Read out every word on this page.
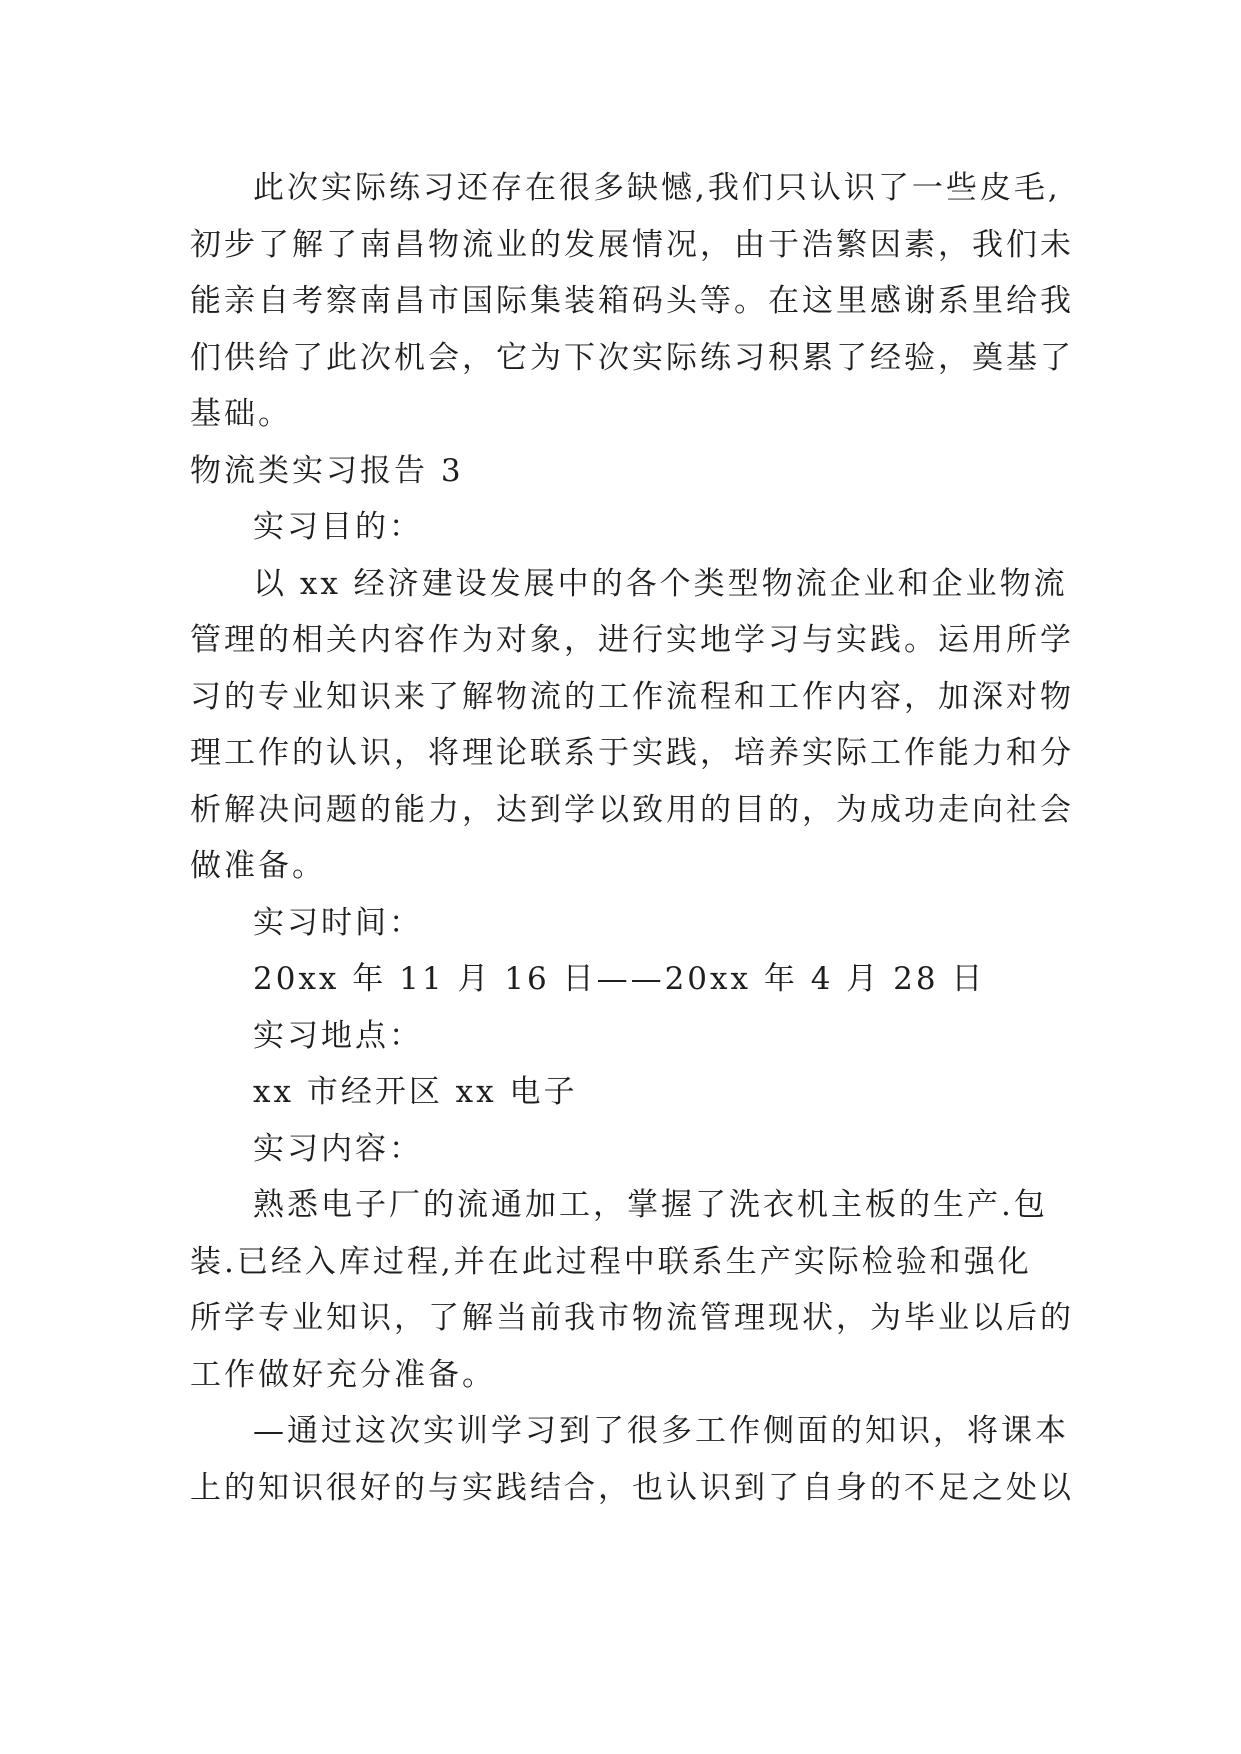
此次实际练习还存在很多缺憾,我们只认识了一些皮毛,
初步了解了南昌物流业的发展情况，由于浩繁因素，我们未
能亲自考察南昌市国际集装箱码头等。在这里感谢系里给我
们供给了此次机会，它为下次实际练习积累了经验，奠基了
基础。
物流类实习报告 3
实习目的：
以 xx 经济建设发展中的各个类型物流企业和企业物流
管理的相关内容作为对象，进行实地学习与实践。运用所学
习的专业知识来了解物流的工作流程和工作内容，加深对物
理工作的认识，将理论联系于实践，培养实际工作能力和分
析解决问题的能力，达到学以致用的目的，为成功走向社会
做准备。
实习时间：
20xx 年 11 月 16 日——20xx 年 4 月 28 日
实习地点：
xx 市经开区 xx 电子
实习内容：
熟悉电子厂的流通加工，掌握了洗衣机主板的生产.包
装.已经入库过程,并在此过程中联系生产实际检验和强化
所学专业知识，了解当前我市物流管理现状，为毕业以后的
工作做好充分准备。
—通过这次实训学习到了很多工作侧面的知识，将课本
上的知识很好的与实践结合，也认识到了自身的不足之处以
